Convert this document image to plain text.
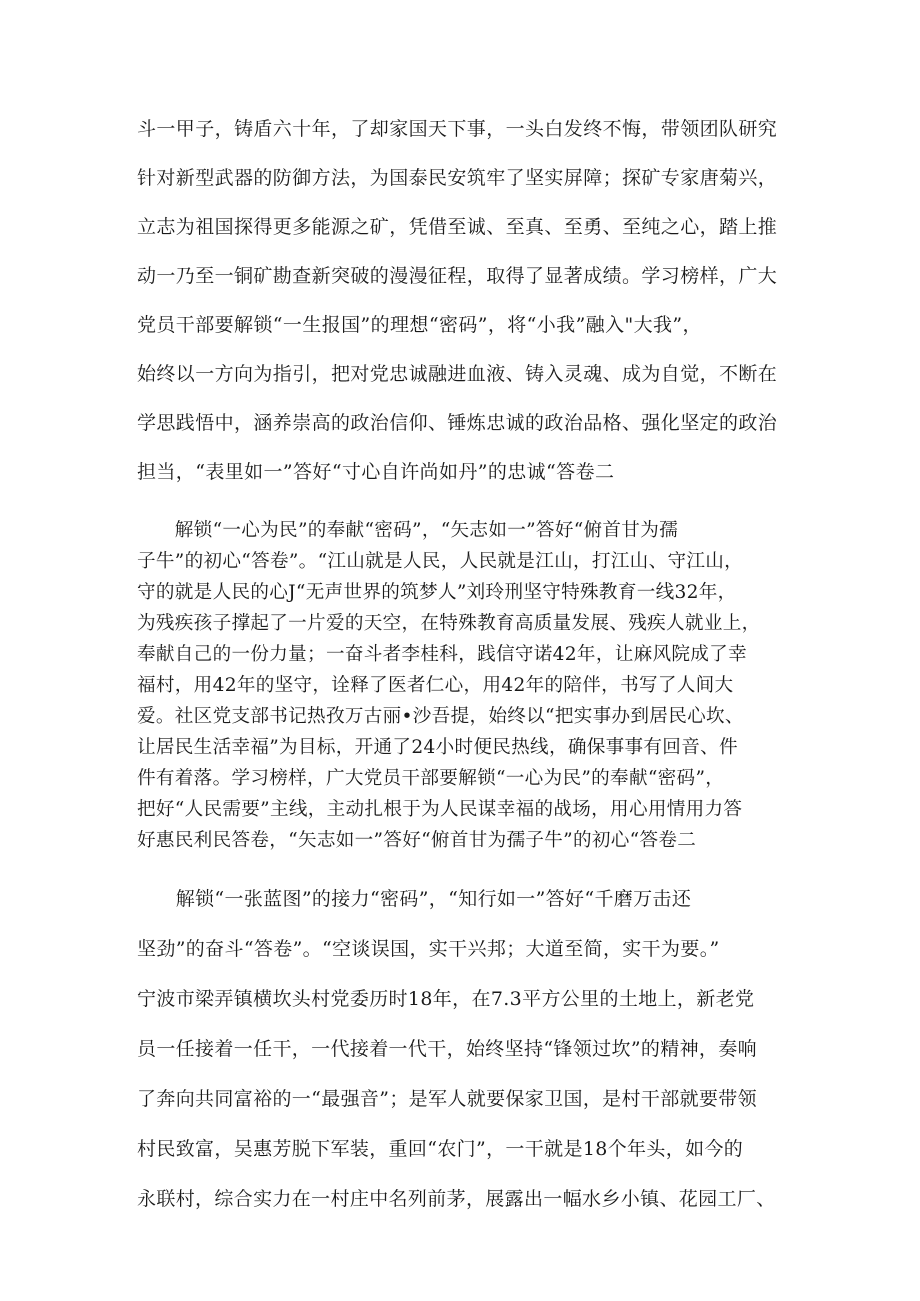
斗一甲子，铸盾六十年，了却家国天下事，一头白发终不悔，带领团队研究
针对新型武器的防御方法，为国泰民安筑牢了坚实屏障；探矿专家唐菊兴，
立志为祖国探得更多能源之矿，凭借至诚、至真、至勇、至纯之心，踏上推
动一乃至一铜矿勘查新突破的漫漫征程，取得了显著成绩。学习榜样，广大
党员干部要解锁“一生报国”的理想“密码”，将“小我”融入"大我”，
始终以一方向为指引，把对党忠诚融进血液、铸入灵魂、成为自觉，不断在
学思践悟中，涵养崇高的政治信仰、锤炼忠诚的政治品格、强化坚定的政治
担当，“表里如一”答好“寸心自许尚如丹”的忠诚“答卷二
　　解锁“一心为民”的奉献“密码”，“矢志如一”答好“俯首甘为孺
子牛”的初心“答卷”。“江山就是人民，人民就是江山，打江山、守江山，
守的就是人民的心J“无声世界的筑梦人”刘玲刑坚守特殊教育一线32年，
为残疾孩子撑起了一片爱的天空，在特殊教育高质量发展、残疾人就业上，
奉献自己的一份力量；一奋斗者李桂科，践信守诺42年，让麻风院成了幸
福村，用42年的坚守，诠释了医者仁心，用42年的陪伴，书写了人间大
爱。社区党支部书记热孜万古丽•沙吾提，始终以“把实事办到居民心坎、
让居民生活幸福”为目标，开通了24小时便民热线，确保事事有回音、件
件有着落。学习榜样，广大党员干部要解锁“一心为民”的奉献“密码”，
把好“人民需要”主线，主动扎根于为人民谋幸福的战场，用心用情用力答
好惠民利民答卷，“矢志如一”答好“俯首甘为孺子牛”的初心“答卷二
　　解锁“一张蓝图”的接力“密码”，“知行如一”答好“千磨万击还
坚劲”的奋斗“答卷”。“空谈误国，实干兴邦；大道至简，实干为要。”
宁波市梁弄镇横坎头村党委历时18年，在7.3平方公里的土地上，新老党
员一任接着一任干，一代接着一代干，始终坚持“锋领过坎”的精神，奏响
了奔向共同富裕的一“最强音”；是军人就要保家卫国，是村干部就要带领
村民致富，吴惠芳脱下军装，重回“农门”，一干就是18个年头，如今的
永联村，综合实力在一村庄中名列前茅，展露出一幅水乡小镇、花园工厂、
